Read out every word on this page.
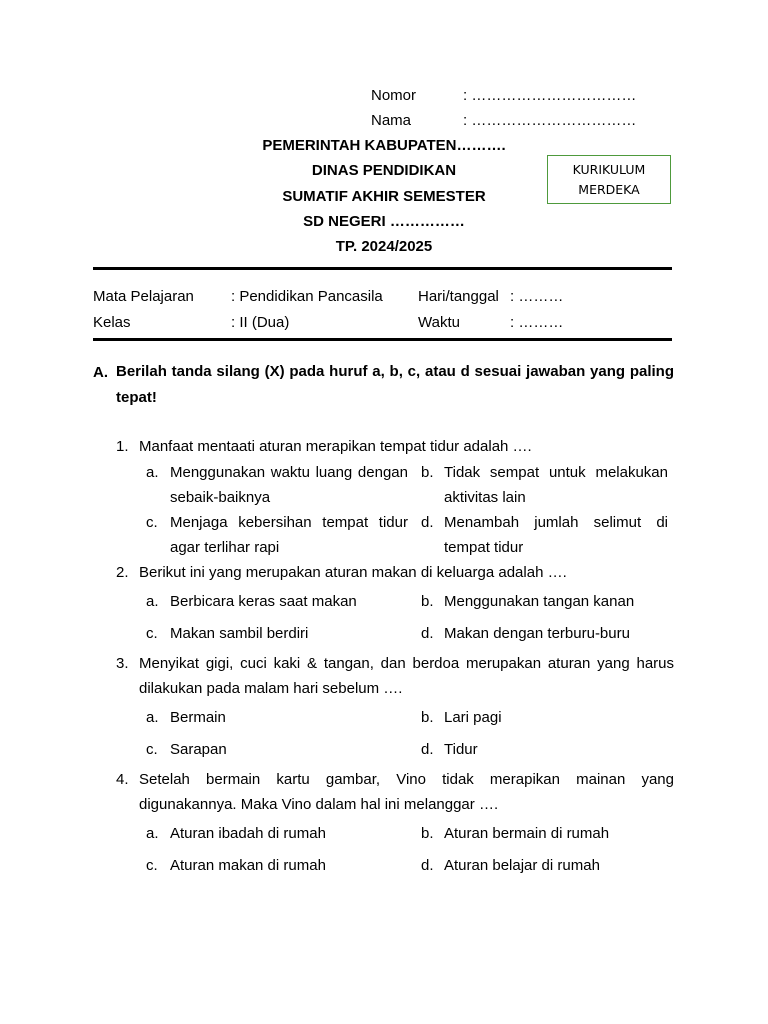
Nomor	: ……………………………
Nama	: ……………………………
PEMERINTAH KABUPATEN……….
DINAS PENDIDIKAN
SUMATIF AKHIR SEMESTER
SD NEGERI ……………
TP. 2024/2025
KURIKULUM
MERDEKA
Mata Pelajaran : Pendidikan Pancasila Hari/tanggal : ………
Kelas	: II (Dua)	Waktu	: ………
A. Berilah tanda silang (X) pada huruf a, b, c, atau d sesuai jawaban yang paling tepat!
1. Manfaat mentaati aturan merapikan tempat tidur adalah ….
a. Menggunakan waktu luang dengan sebaik-baiknya
b. Tidak sempat untuk melakukan aktivitas lain
c. Menjaga kebersihan tempat tidur agar terlihar rapi
d. Menambah jumlah selimut di tempat tidur
2. Berikut ini yang merupakan aturan makan di keluarga adalah ….
a. Berbicara keras saat makan	b. Menggunakan tangan kanan
c. Makan sambil berdiri	d. Makan dengan terburu-buru
3. Menyikat gigi, cuci kaki & tangan, dan berdoa merupakan aturan yang harus dilakukan pada malam hari sebelum ….
a. Bermain	b. Lari pagi
c. Sarapan	d. Tidur
4. Setelah bermain kartu gambar, Vino tidak merapikan mainan yang digunakannya. Maka Vino dalam hal ini melanggar ….
a. Aturan ibadah di rumah	b. Aturan bermain di rumah
c. Aturan makan di rumah	d. Aturan belajar di rumah
